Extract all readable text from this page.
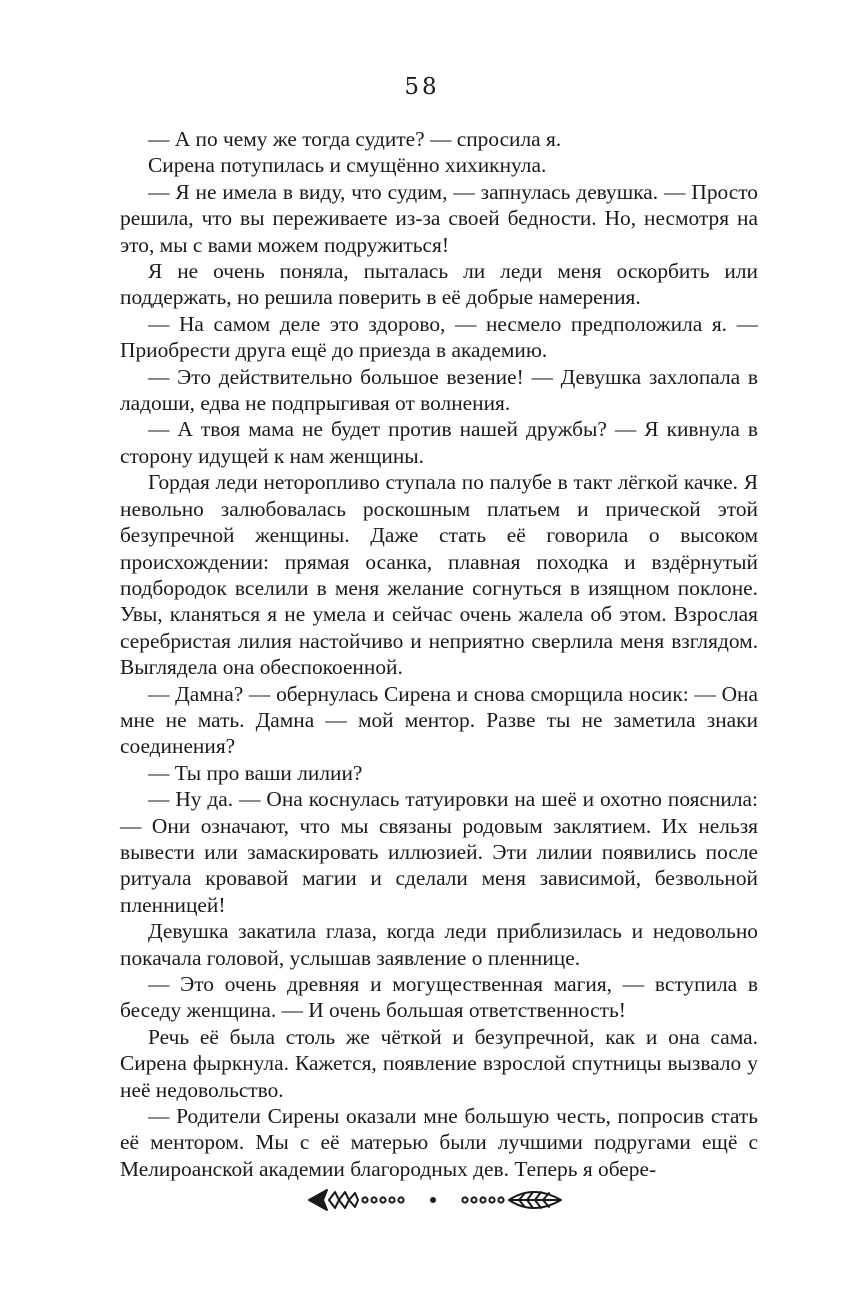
58

— А по чему же тогда судите? — спросила я.

Сирена потупилась и смущённо хихикнула.

— Я не имела в виду, что судим, — запнулась девушка. — Просто решила, что вы переживаете из-за своей бедности. Но, несмотря на это, мы с вами можем подружиться!

Я не очень поняла, пыталась ли леди меня оскорбить или поддержать, но решила поверить в её добрые намерения.

— На самом деле это здорово, — несмело предположила я. — Приобрести друга ещё до приезда в академию.

— Это действительно большое везение! — Девушка захлопала в ладоши, едва не подпрыгивая от волнения.

— А твоя мама не будет против нашей дружбы? — Я кивнула в сторону идущей к нам женщины.

Гордая леди неторопливо ступала по палубе в такт лёгкой качке. Я невольно залюбовалась роскошным платьем и прической этой безупречной женщины. Даже стать её говорила о высоком происхождении: прямая осанка, плавная походка и вздёрнутый подбородок вселили в меня желание согнуться в изящном поклоне. Увы, кланяться я не умела и сейчас очень жалела об этом. Взрослая серебристая лилия настойчиво и неприятно сверлила меня взглядом. Выглядела она обеспокоенной.

— Дамна? — обернулась Сирена и снова сморщила носик: — Она мне не мать. Дамна — мой ментор. Разве ты не заметила знаки соединения?

— Ты про ваши лилии?

— Ну да. — Она коснулась татуировки на шеё и охотно пояснила: — Они означают, что мы связаны родовым заклятием. Их нельзя вывести или замаскировать иллюзией. Эти лилии появились после ритуала кровавой магии и сделали меня зависимой, безвольной пленницей!

Девушка закатила глаза, когда леди приблизилась и недовольно покачала головой, услышав заявление о пленнице.

— Это очень древняя и могущественная магия, — вступила в беседу женщина. — И очень большая ответственность!

Речь её была столь же чёткой и безупречной, как и она сама. Сирена фыркнула. Кажется, появление взрослой спутницы вызвало у неё недовольство.

— Родители Сирены оказали мне большую честь, попросив стать её ментором. Мы с её матерью были лучшими подругами ещё с Мелироанской академии благородных дев. Теперь я обере-
